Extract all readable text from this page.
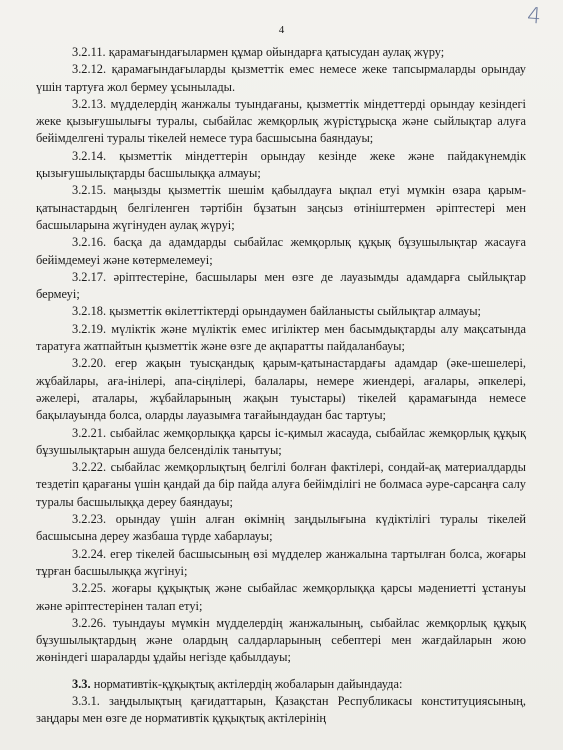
4
4

3.2.11. қарамағындағылармен құмар ойындарға қатысудан аулақ жүру;

3.2.12. қарамағындағыларды қызметтік емес немесе жеке тапсырмаларды орындау үшін тартуға жол бермеу ұсынылады.

3.2.13. мүдделердің жанжалы туындағаны, қызметтік міндеттерді орындау кезіндегі жеке қызығушылығы туралы, сыбайлас жемқорлық жүрістұрысқа және сыйлықтар алуға бейімделгені туралы тікелей немесе тура басшысына баяндауы;

3.2.14. қызметтік міндеттерін орындау кезінде жеке және пайдакүнемдік қызығушылықтарды басшылыққа алмауы;

3.2.15. маңызды қызметтік шешім қабылдауға ықпал етуі мүмкін өзара қарым-қатынастардың белгіленген тәртібін бұзатын заңсыз өтініштермен әріптестері мен басшыларына жүгінуден аулақ жүруі;

3.2.16. басқа да адамдарды сыбайлас жемқорлық құқық бұзушылықтар жасауға бейімдемеуі және көтермелемеуі;

3.2.17. әріптестеріне, басшылары мен өзге де лауазымды адамдарға сыйлықтар бермеуі;

3.2.18. қызметтік өкілеттіктерді орындаумен байланысты сыйлықтар алмауы;

3.2.19. мүліктік және мүліктік емес игіліктер мен басымдықтарды алу мақсатында таратуға жатпайтын қызметтік және өзге де ақпаратты пайдаланбауы;

3.2.20. егер жақын туысқандық қарым-қатынастардағы адамдар (әке-шешелері, жұбайлары, аға-інілері, апа-сіңлілері, балалары, немере жиендері, ағалары, әпкелері, әжелері, аталары, жұбайларының жақын туыстары) тікелей қарамағында немесе бақылауында болса, оларды лауазымға тағайындаудан бас тартуы;

3.2.21. сыбайлас жемқорлыққа қарсы іс-қимыл жасауда, сыбайлас жемқорлық құқық бұзушылықтарын ашуда белсенділік танытуы;

3.2.22. сыбайлас жемқорлықтың белгілі болған фактілері, сондай-ақ материалдарды тездетіп қарағаны үшін қандай да бір пайда алуға бейімділігі не болмаса әуре-сарсаңға салу туралы басшылыққа дереу баяндауы;

3.2.23. орындау үшін алған өкімнің заңдылығына күдіктілігі туралы тікелей басшысына дереу жазбаша түрде хабарлауы;

3.2.24. егер тікелей басшысының өзі мүдделер жанжалына тартылған болса, жоғары тұрған басшылыққа жүгінуі;

3.2.25. жоғары құқықтық және сыбайлас жемқорлыққа қарсы мәдениетті ұстануы және әріптестерінен талап етуі;

3.2.26. туындауы мүмкін мүдделердің жанжалының, сыбайлас жемқорлық құқық бұзушылықтардың және олардың салдарларының себептері мен жағдайларын жою жөніндегі шараларды ұдайы негізде қабылдауы;

3.3. нормативтік-құқықтық актілердің жобаларын дайындауда:

3.3.1. заңдылықтың қағидаттарын, Қазақстан Республикасы конституциясының, заңдары мен өзге де нормативтік құқықтық актілерінің
